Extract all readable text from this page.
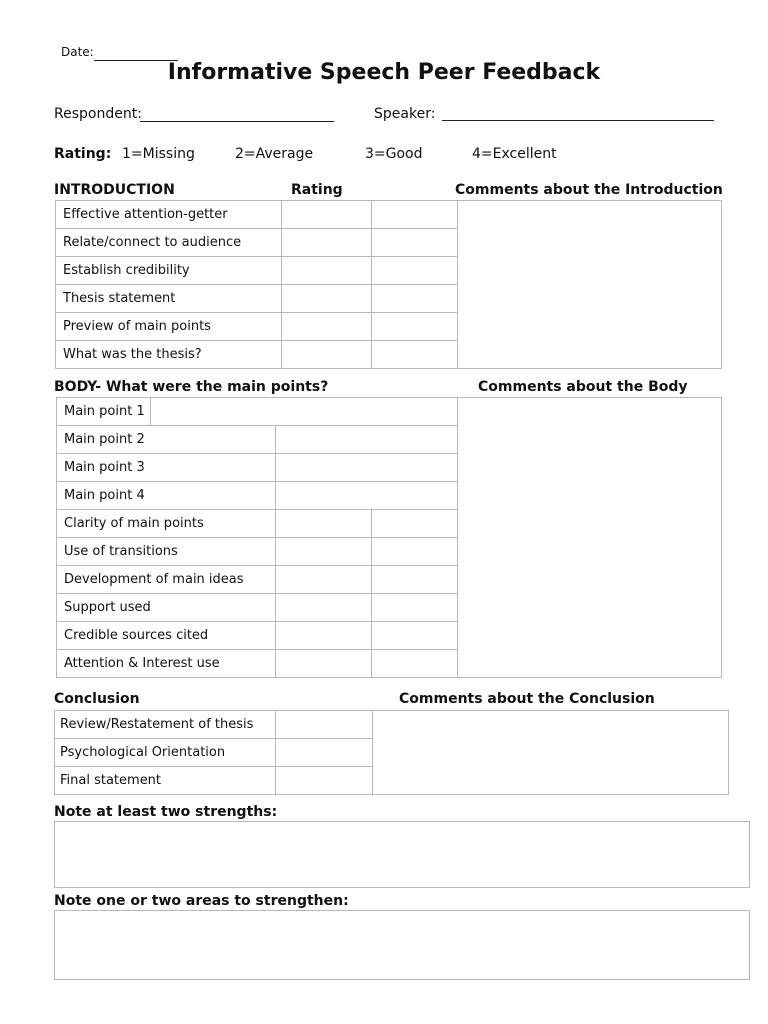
Date:
Informative Speech Peer Feedback
Respondent:	Speaker:
Rating: 1=Missing	2=Average	3=Good	4=Excellent
INTRODUCTION	Rating	Comments about the Introduction
Effective attention-getter		
Relate/connect to audience		
Establish credibility		
Thesis statement		
Preview of main points		
What was the thesis?		
BODY- What were the main points?	Comments about the Body
Main point 1		

Main point 2		
Main point 3		
Main point 4		
Clarity of main points		
Use of transitions		
Development of main ideas		
Support used		
Credible sources cited		
Attention & Interest use		
Conclusion	Comments about the Conclusion
Review/Restatement of thesis	
Psychological Orientation	
Final statement	
Note at least two strengths:
Note one or two areas to strengthen:
